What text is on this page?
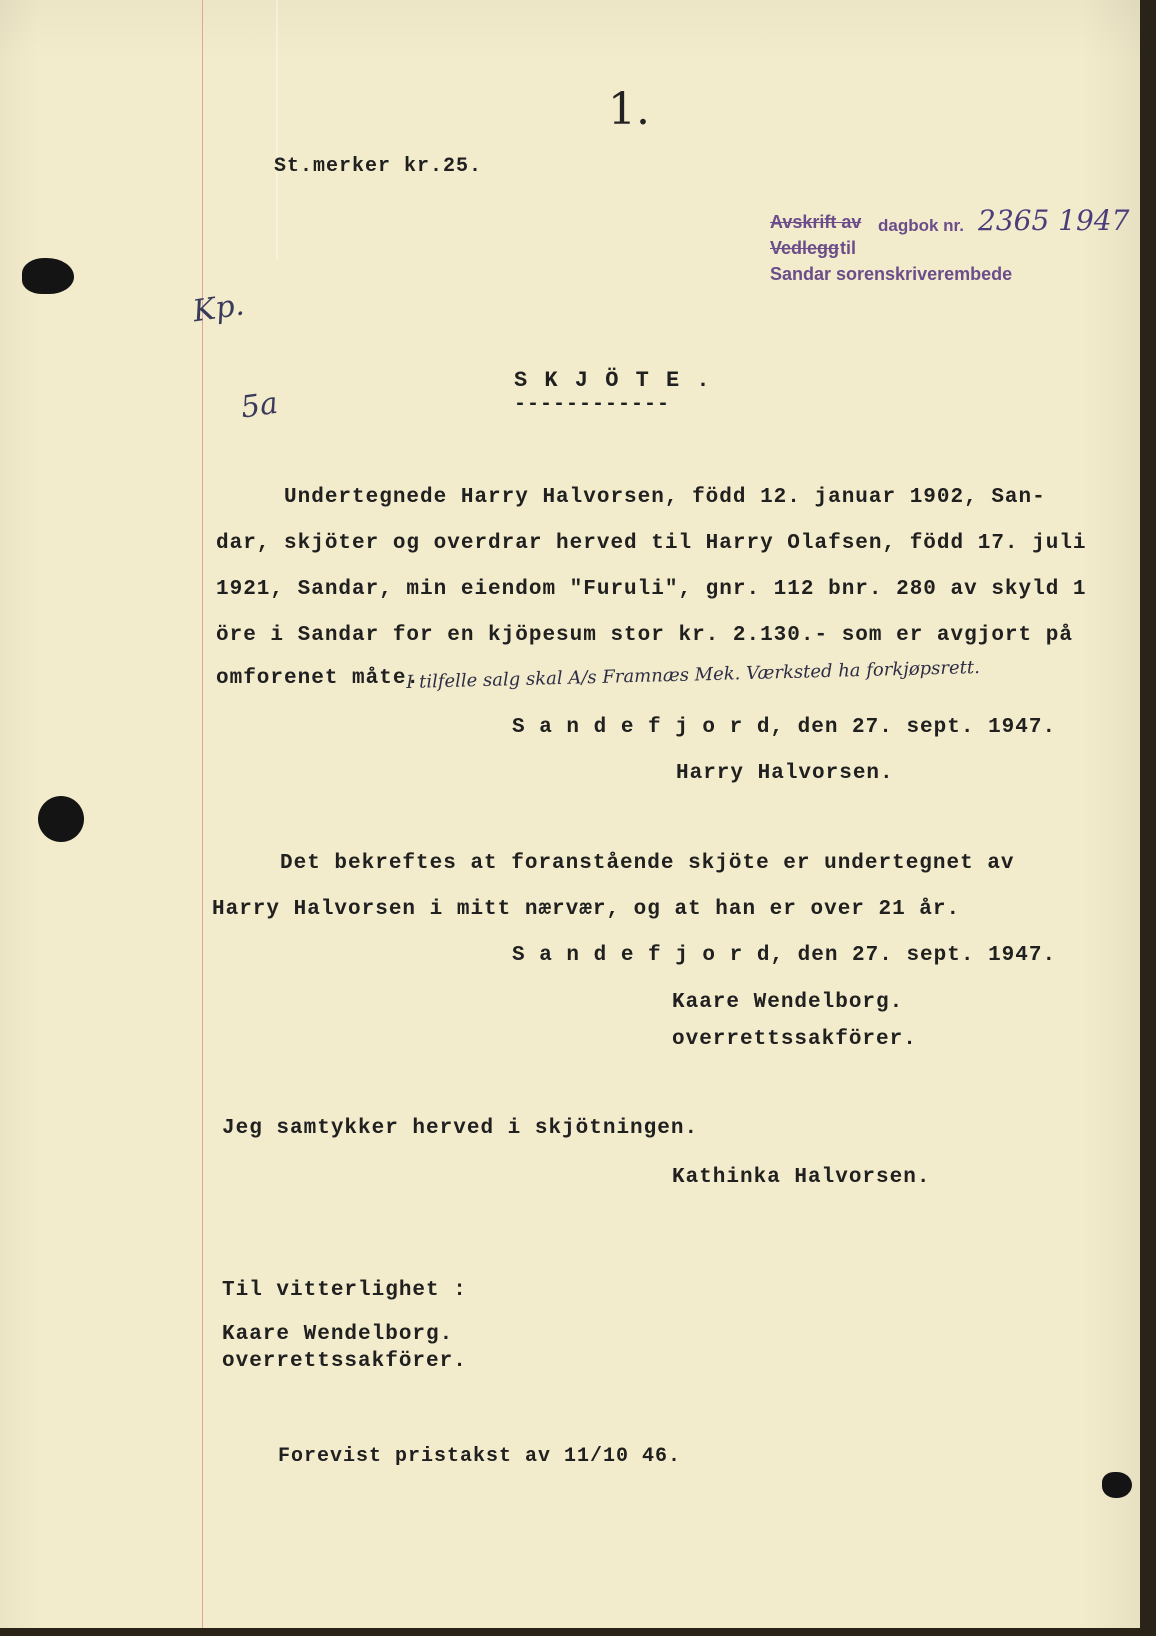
1.
St.merker kr.25.

Kp.

5a

Avskrift av dagbok nr. 2365 1947
Vedlegg til
Sandar sorenskriverembede
S K J Ö T E .
------------
Undertegnede Harry Halvorsen, född 12. januar 1902, San-
dar, skjöter og overdrar herved til Harry Olafsen, född 17. juli
1921, Sandar, min eiendom "Furuli", gnr. 112 bnr. 280 av skyld 1
öre i Sandar for en kjöpesum stor kr. 2.130.- som er avgjort på
omforenet måte.
I tilfelle salg skal A/s Framnæs Mek. Værksted ha forkjøpsrett.
S a n d e f j o r d, den 27. sept. 1947.
Harry Halvorsen.
Det bekreftes at foranstående skjöte er undertegnet av
Harry Halvorsen i mitt nærvær, og at han er over 21 år.
S a n d e f j o r d, den 27. sept. 1947.
Kaare Wendelborg.
overrettssakförer.
Jeg samtykker herved i skjötningen.
Kathinka Halvorsen.
Til vitterlighet :
Kaare Wendelborg.
overrettssakförer.
Forevist pristakst av 11/10 46.
